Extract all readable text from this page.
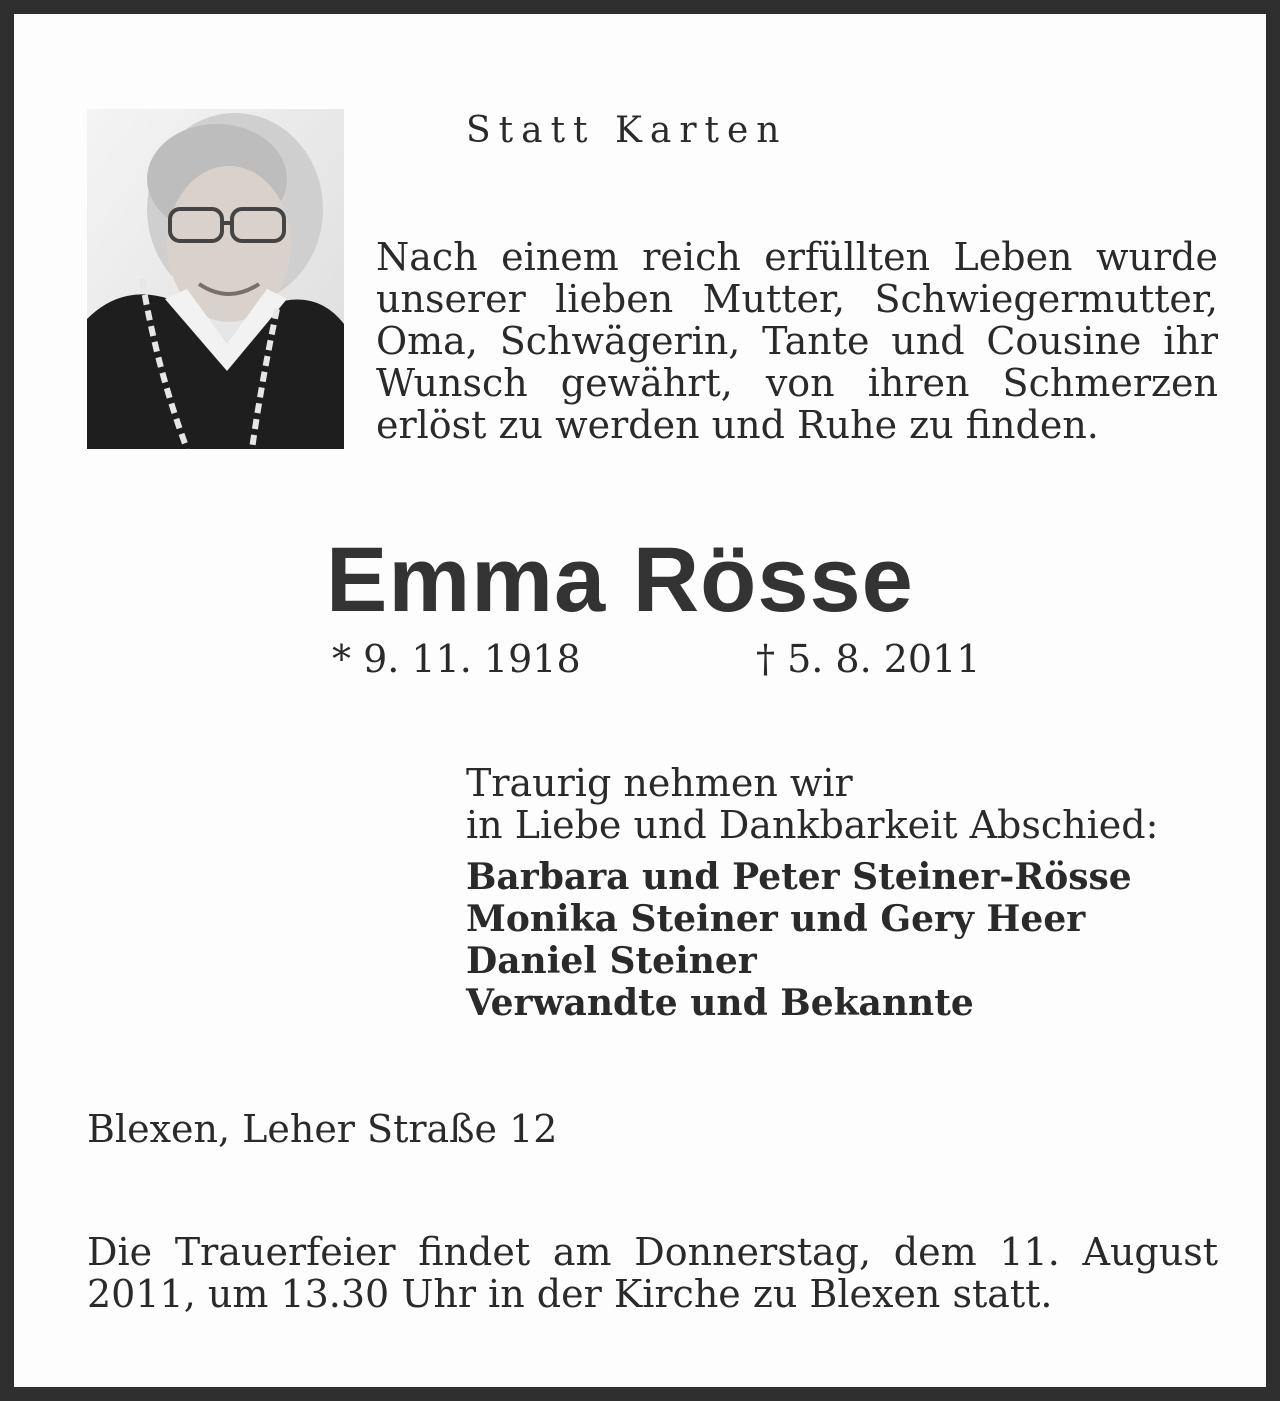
Statt Karten

Nach einem reich erfüllten Leben wurde unserer lieben Mutter, Schwiegermutter, Oma, Schwägerin, Tante und Cousine ihr Wunsch gewährt, von ihren Schmerzen erlöst zu werden und Ruhe zu finden.

Emma Rösse
* 9. 11. 1918	† 5. 8. 2011
Traurig nehmen wir
in Liebe und Dankbarkeit Abschied:
Barbara und Peter Steiner-Rösse
Monika Steiner und Gery Heer
Daniel Steiner
Verwandte und Bekannte
Blexen, Leher Straße 12

Die Trauerfeier findet am Donnerstag, dem 11. August 2011, um 13.30 Uhr in der Kirche zu Blexen statt.
